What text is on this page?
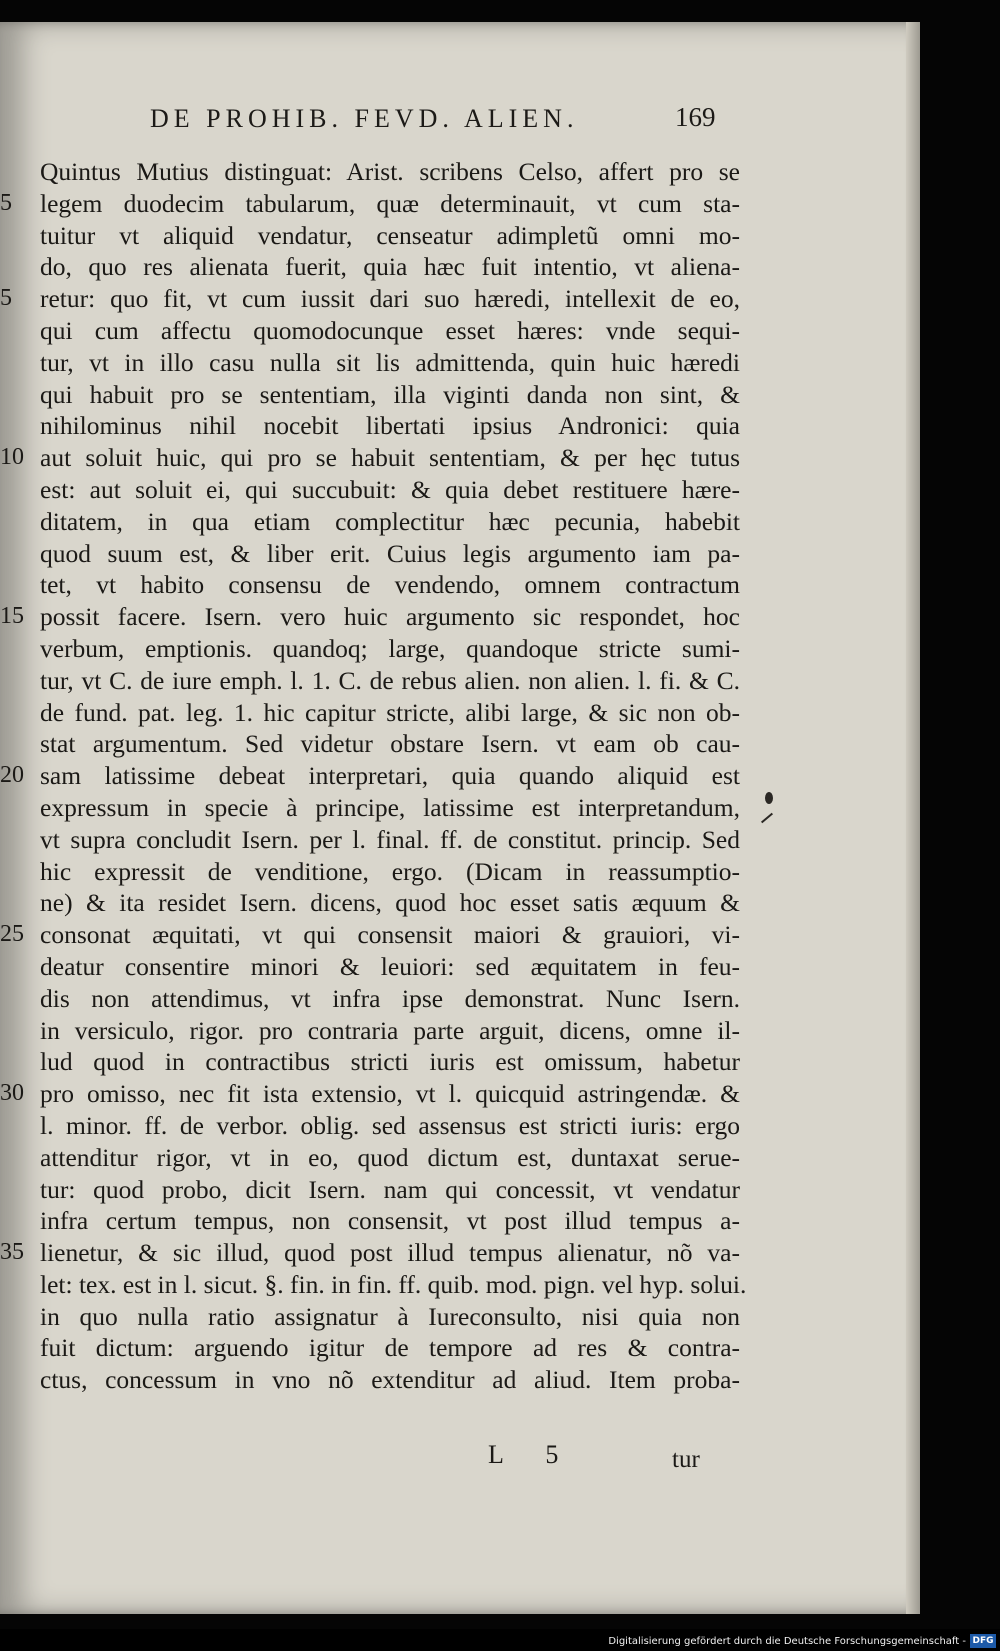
DE PROHIB. FEVD. ALIEN.	169
Quintus Mutius distinguat: Arist. scribens Celso, affert pro se
5	legem duodecim tabularum, quæ determinauit, vt cum sta-
tuitur vt aliquid vendatur, censeatur adimpletũ omni mo-
do, quo res alienata fuerit, quia hæc fuit intentio, vt aliena-
5	retur: quo fit, vt cum iussit dari suo hæredi, intellexit de eo,
qui cum affectu quomodocunque esset hæres: vnde sequi-
tur, vt in illo casu nulla sit lis admittenda, quin huic hæredi
qui habuit pro se sententiam, illa viginti danda non sint, &
nihilominus nihil nocebit libertati ipsius Andronici: quia
10 aut soluit huic, qui pro se habuit sententiam, & per hęc tutus
est: aut soluit ei, qui succubuit: & quia debet restituere hære-
ditatem, in qua etiam complectitur hæc pecunia, habebit
quod suum est, & liber erit. Cuius legis argumento iam pa-
tet, vt habito consensu de vendendo, omnem contractum
15 possit facere. Isern. vero huic argumento sic respondet, hoc
verbum, emptionis. quandoq; large, quandoque stricte sumi-
tur, vt C. de iure emph. l. 1. C. de rebus alien. non alien. l. fi. & C.
de fund. pat. leg. 1. hic capitur stricte, alibi large, & sic non ob-
stat argumentum. Sed videtur obstare Isern. vt eam ob cau-
20 sam latissime debeat interpretari, quia quando aliquid est
expressum in specie à principe, latissime est interpretandum,
vt supra concludit Isern. per l. final. ff. de constitut. princip. Sed
hic expressit de venditione, ergo. (Dicam in reassumptio-
ne) & ita residet Isern. dicens, quod hoc esset satis æquum &
25 consonat æquitati, vt qui consensit maiori & grauiori, vi-
deatur consentire minori & leuiori: sed æquitatem in feu-
dis non attendimus, vt infra ipse demonstrat. Nunc Isern.
in versiculo, rigor. pro contraria parte arguit, dicens, omne il-
lud quod in contractibus stricti iuris est omissum, habetur
30 pro omisso, nec fit ista extensio, vt l. quicquid astringendæ. &
l. minor. ff. de verbor. oblig. sed assensus est stricti iuris: ergo
attenditur rigor, vt in eo, quod dictum est, duntaxat serue-
tur: quod probo, dicit Isern. nam qui concessit, vt vendatur
infra certum tempus, non consensit, vt post illud tempus a-
35 lienetur, & sic illud, quod post illud tempus alienatur, nõ va-
let: tex. est in l. sicut. §. fin. in fin. ff. quib. mod. pign. vel hyp. solui.
in quo nulla ratio assignatur à Iureconsulto, nisi quia non
fuit dictum: arguendo igitur de tempore ad res & contra-
ctus, concessum in vno nõ extenditur ad aliud. Item proba-
L 5	tur
Digitalisierung gefördert durch die Deutsche Forschungsgemeinschaft - DFG
